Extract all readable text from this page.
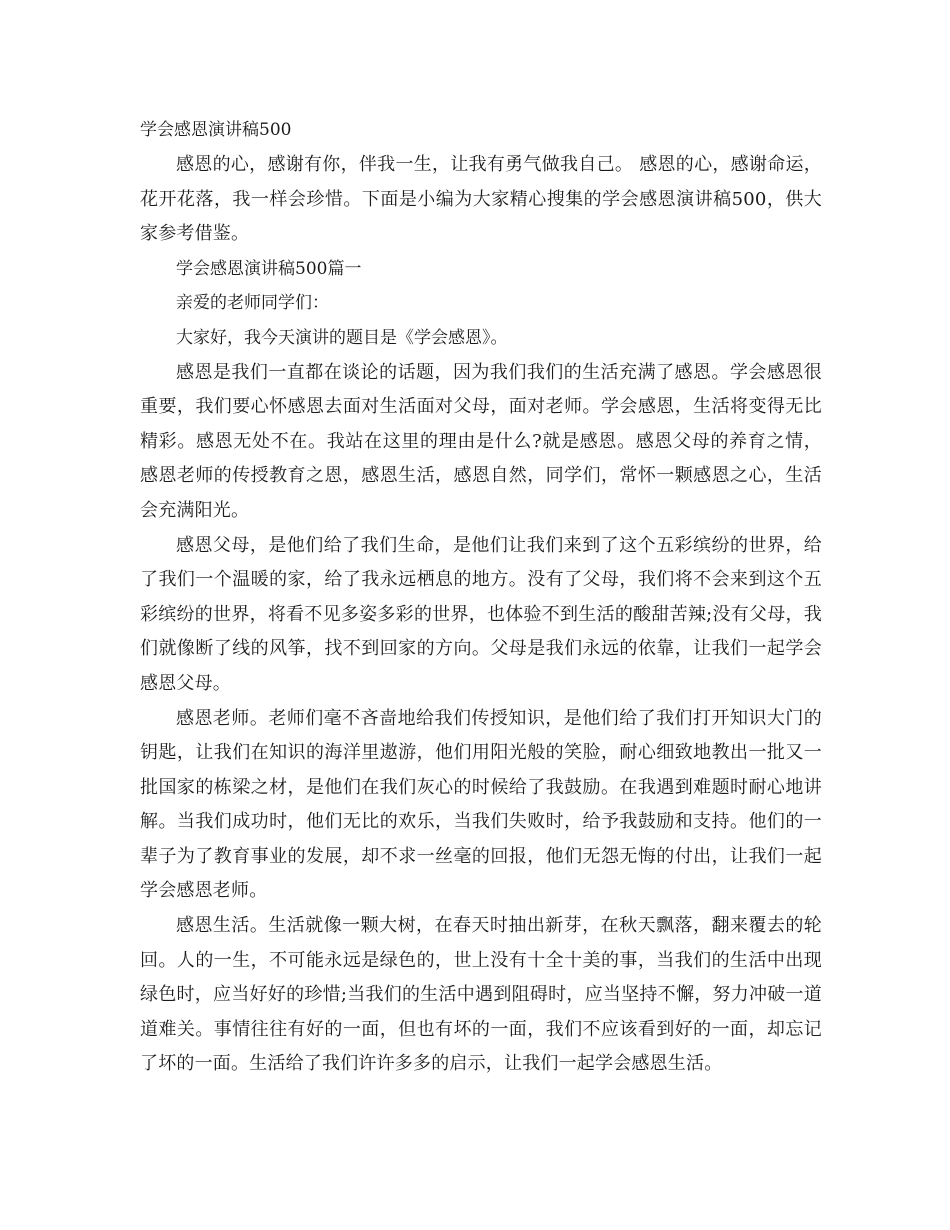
学会感恩演讲稿500

感恩的心，感谢有你，伴我一生，让我有勇气做我自己。 感恩的心，感谢命运，花开花落，我一样会珍惜。下面是小编为大家精心搜集的学会感恩演讲稿500，供大家参考借鉴。

学会感恩演讲稿500篇一

亲爱的老师同学们：

大家好，我今天演讲的题目是《学会感恩》。

感恩是我们一直都在谈论的话题，因为我们我们的生活充满了感恩。学会感恩很重要，我们要心怀感恩去面对生活面对父母，面对老师。学会感恩，生活将变得无比精彩。感恩无处不在。我站在这里的理由是什么?就是感恩。感恩父母的养育之情，感恩老师的传授教育之恩，感恩生活，感恩自然，同学们，常怀一颗感恩之心，生活会充满阳光。

感恩父母，是他们给了我们生命，是他们让我们来到了这个五彩缤纷的世界，给了我们一个温暖的家，给了我永远栖息的地方。没有了父母，我们将不会来到这个五彩缤纷的世界，将看不见多姿多彩的世界，也体验不到生活的酸甜苦辣;没有父母，我们就像断了线的风筝，找不到回家的方向。父母是我们永远的依靠，让我们一起学会感恩父母。

感恩老师。老师们毫不吝啬地给我们传授知识，是他们给了我们打开知识大门的钥匙，让我们在知识的海洋里遨游，他们用阳光般的笑脸，耐心细致地教出一批又一批国家的栋梁之材，是他们在我们灰心的时候给了我鼓励。在我遇到难题时耐心地讲解。当我们成功时，他们无比的欢乐，当我们失败时，给予我鼓励和支持。他们的一辈子为了教育事业的发展，却不求一丝毫的回报，他们无怨无悔的付出，让我们一起学会感恩老师。

感恩生活。生活就像一颗大树，在春天时抽出新芽，在秋天飘落，翻来覆去的轮回。人的一生，不可能永远是绿色的，世上没有十全十美的事，当我们的生活中出现绿色时，应当好好的珍惜;当我们的生活中遇到阻碍时，应当坚持不懈，努力冲破一道道难关。事情往往有好的一面，但也有坏的一面，我们不应该看到好的一面，却忘记了坏的一面。生活给了我们许许多多的启示，让我们一起学会感恩生活。
